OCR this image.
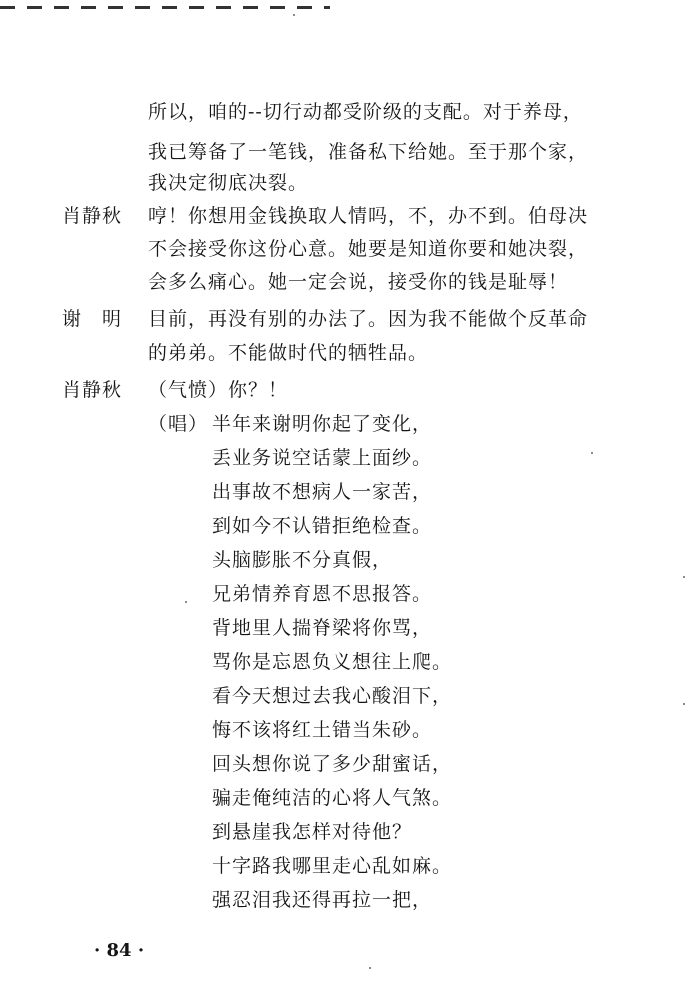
所以，咱的--切行动都受阶级的支配。对于养母，
我已筹备了一笔钱，准备私下给她。至于那个家，
我决定彻底决裂。
肖静秋 哼！你想用金钱换取人情吗，不，办不到。伯母决
不会接受你这份心意。她要是知道你要和她决裂，
会多么痛心。她一定会说，接受你的钱是耻辱！
谢　明 目前，再没有别的办法了。因为我不能做个反革命
的弟弟。不能做时代的牺牲品。
肖静秋 （气愤）你？！
（唱） 半年来谢明你起了变化，
丢业务说空话蒙上面纱。
出事故不想病人一家苦，
到如今不认错拒绝检查。
头脑膨胀不分真假，
兄弟情养育恩不思报答。
背地里人揣脊梁将你骂，
骂你是忘恩负义想往上爬。
看今天想过去我心酸泪下，
悔不该将红土错当朱砂。
回头想你说了多少甜蜜话，
骗走俺纯洁的心将人气煞。
到悬崖我怎样对待他？
十字路我哪里走心乱如麻。
强忍泪我还得再拉一把，
· 84 ·
